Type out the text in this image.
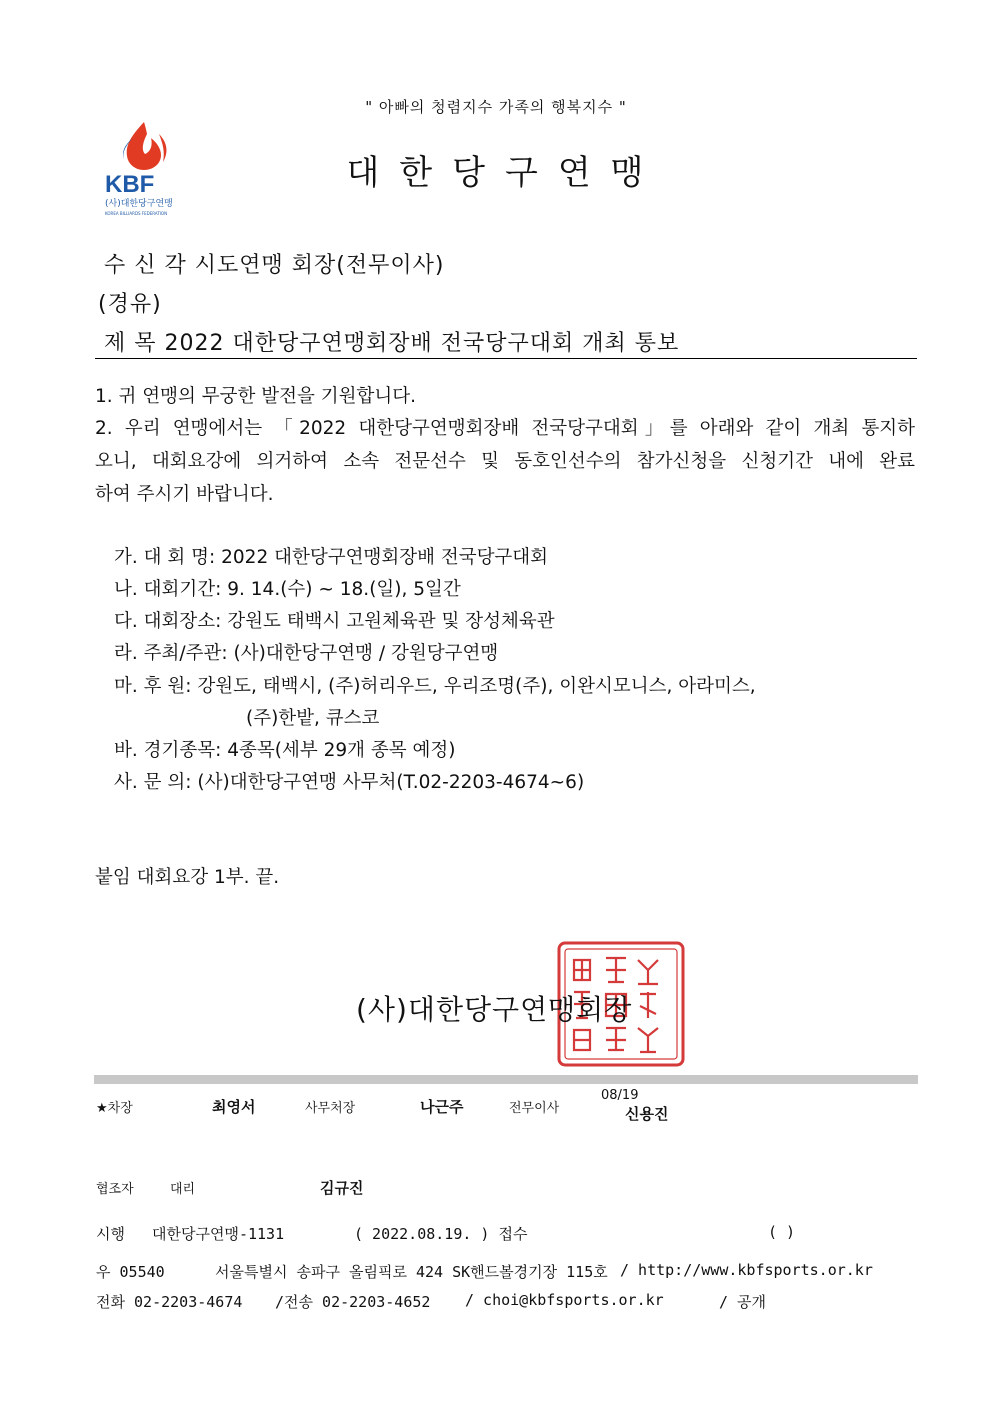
" 아빠의 청렴지수 가족의 행복지수 "
KBF
(사)대한당구연맹
KOREA BILLIARDS FEDERATION
대한당구연맹
수 신 각 시도연맹 회장(전무이사)
(경유)
제 목 2022 대한당구연맹회장배 전국당구대회 개최 통보
1. 귀 연맹의 무궁한 발전을 기원합니다.
2. 우리 연맹에서는 「2022 대한당구연맹회장배 전국당구대회」를 아래와 같이 개최 통지하
오니, 대회요강에 의거하여 소속 전문선수 및 동호인선수의 참가신청을 신청기간 내에 완료
하여 주시기 바랍니다.
가. 대 회 명: 2022 대한당구연맹회장배 전국당구대회
나. 대회기간: 9. 14.(수) ~ 18.(일), 5일간
다. 대회장소: 강원도 태백시 고원체육관 및 장성체육관
라. 주최/주관: (사)대한당구연맹 / 강원당구연맹
마. 후 원: 강원도, 태백시, (주)허리우드, 우리조명(주), 이완시모니스, 아라미스,
(주)한밭, 큐스코
바. 경기종목: 4종목(세부 29개 종목 예정)
사. 문 의: (사)대한당구연맹 사무처(T.02-2203-4674~6)
붙임 대회요강 1부. 끝.
(사)대한당구연맹회장
★차장	최영서	사무처장	나근주	전무이사
08/19
신용진
협조자	대리	김규진
시행 대한당구연맹-1131	( 2022.08.19. ) 접수	( )
우 05540	서울특별시 송파구 올림픽로 424 SK핸드볼경기장 115호 / http://www.kbfsports.or.kr
전화 02-2203-4674 /전송 02-2203-4652 / choi@kbfsports.or.kr	/ 공개
